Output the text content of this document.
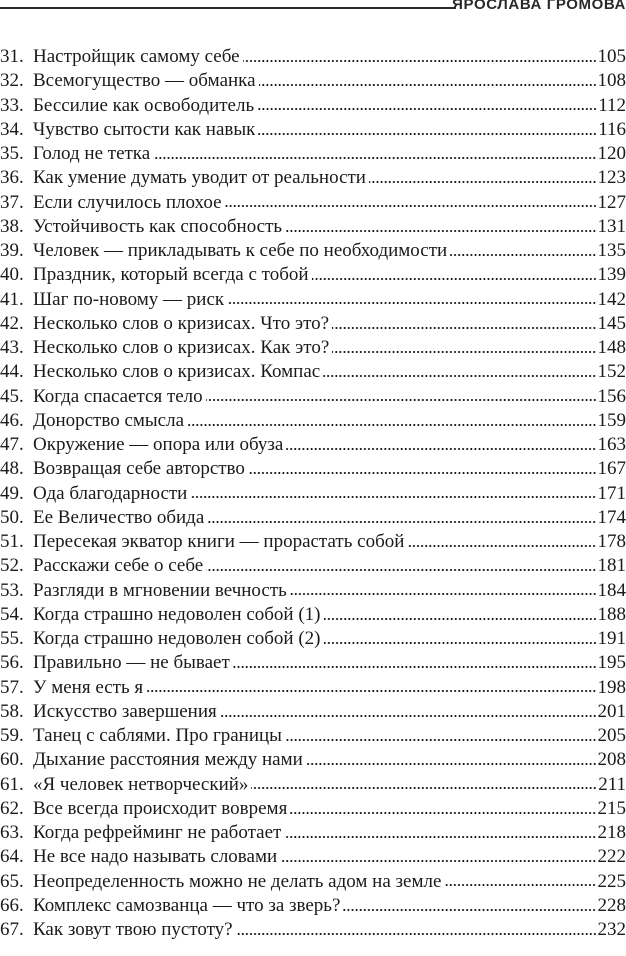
ЯРОСЛАВА ГРОМОВА
31. Настройщик самому себе	105
32. Всемогущество — обманка	108
33. Бессилие как освободитель	112
34. Чувство сытости как навык	116
35. Голод не тетка	120
36. Как умение думать уводит от реальности	123
37. Если случилось плохое	127
38. Устойчивость как способность	131
39. Человек — прикладывать к себе по необходимости	135
40. Праздник, который всегда с тобой	139
41. Шаг по-новому — риск	142
42. Несколько слов о кризисах. Что это?	145
43. Несколько слов о кризисах. Как это?	148
44. Несколько слов о кризисах. Компас	152
45. Когда спасается тело	156
46. Донорство смысла	159
47. Окружение — опора или обуза	163
48. Возвращая себе авторство	167
49. Ода благодарности	171
50. Ее Величество обида	174
51. Пересекая экватор книги — прорастать собой	178
52. Расскажи себе о себе	181
53. Разгляди в мгновении вечность	184
54. Когда страшно недоволен собой (1)	188
55. Когда страшно недоволен собой (2)	191
56. Правильно — не бывает	195
57. У меня есть я	198
58. Искусство завершения	201
59. Танец с саблями. Про границы	205
60. Дыхание расстояния между нами	208
61. «Я человек нетворческий»	211
62. Все всегда происходит вовремя	215
63. Когда рефрейминг не работает	218
64. Не все надо называть словами	222
65. Неопределенность можно не делать адом на земле	225
66. Комплекс самозванца — что за зверь?	228
67. Как зовут твою пустоту?	232
